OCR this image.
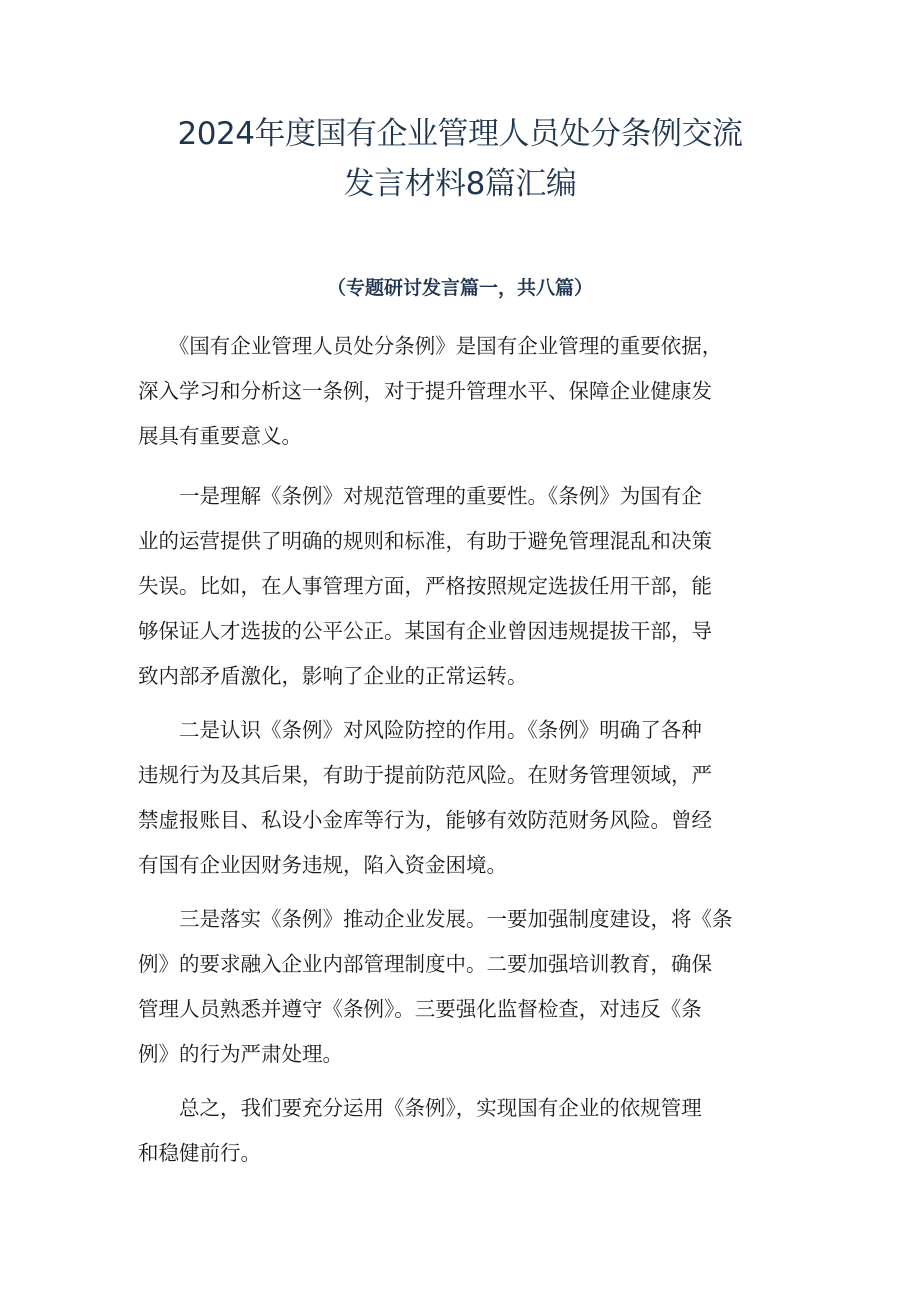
2024年度国有企业管理人员处分条例交流
发言材料8篇汇编
（专题研讨发言篇一，共八篇）
　　《国有企业管理人员处分条例》是国有企业管理的重要依据，
深入学习和分析这一条例，对于提升管理水平、保障企业健康发
展具有重要意义。
　　一是理解《条例》对规范管理的重要性。《条例》为国有企
业的运营提供了明确的规则和标准，有助于避免管理混乱和决策
失误。比如，在人事管理方面，严格按照规定选拔任用干部，能
够保证人才选拔的公平公正。某国有企业曾因违规提拔干部，导
致内部矛盾激化，影响了企业的正常运转。
　　二是认识《条例》对风险防控的作用。《条例》明确了各种
违规行为及其后果，有助于提前防范风险。在财务管理领域，严
禁虚报账目、私设小金库等行为，能够有效防范财务风险。曾经
有国有企业因财务违规，陷入资金困境。
　　三是落实《条例》推动企业发展。一要加强制度建设，将《条
例》的要求融入企业内部管理制度中。二要加强培训教育，确保
管理人员熟悉并遵守《条例》。三要强化监督检查，对违反《条
例》的行为严肃处理。
　　总之，我们要充分运用《条例》，实现国有企业的依规管理
和稳健前行。
